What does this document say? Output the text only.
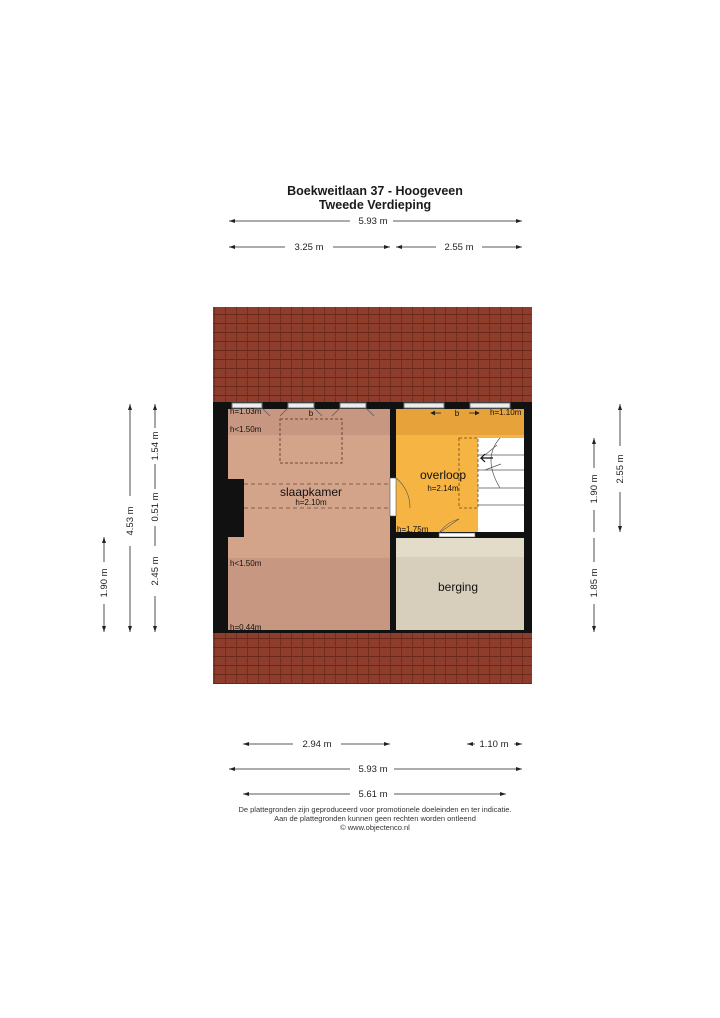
Boekweitlaan 37 - Hoogeveen
Tweede Verdieping
slaapkamer
h=2.10m
overloop
h=2.14m
berging
h=1.03m
h<1.50m
h<1.50m
h=0.44m
h=1.10m
h=1.75m
b	b
5.93 m
3.25 m	2.55 m
4.53 m
1.90 m
1.54 m
0.51 m
2.45 m
1.90 m
1.85 m
2.55 m
2.94 m	1.10 m
5.93 m
5.61 m
De plattegronden zijn geproduceerd voor promotionele doeleinden en ter indicatie.
Aan de plattegronden kunnen geen rechten worden ontleend
© www.objectenco.nl
